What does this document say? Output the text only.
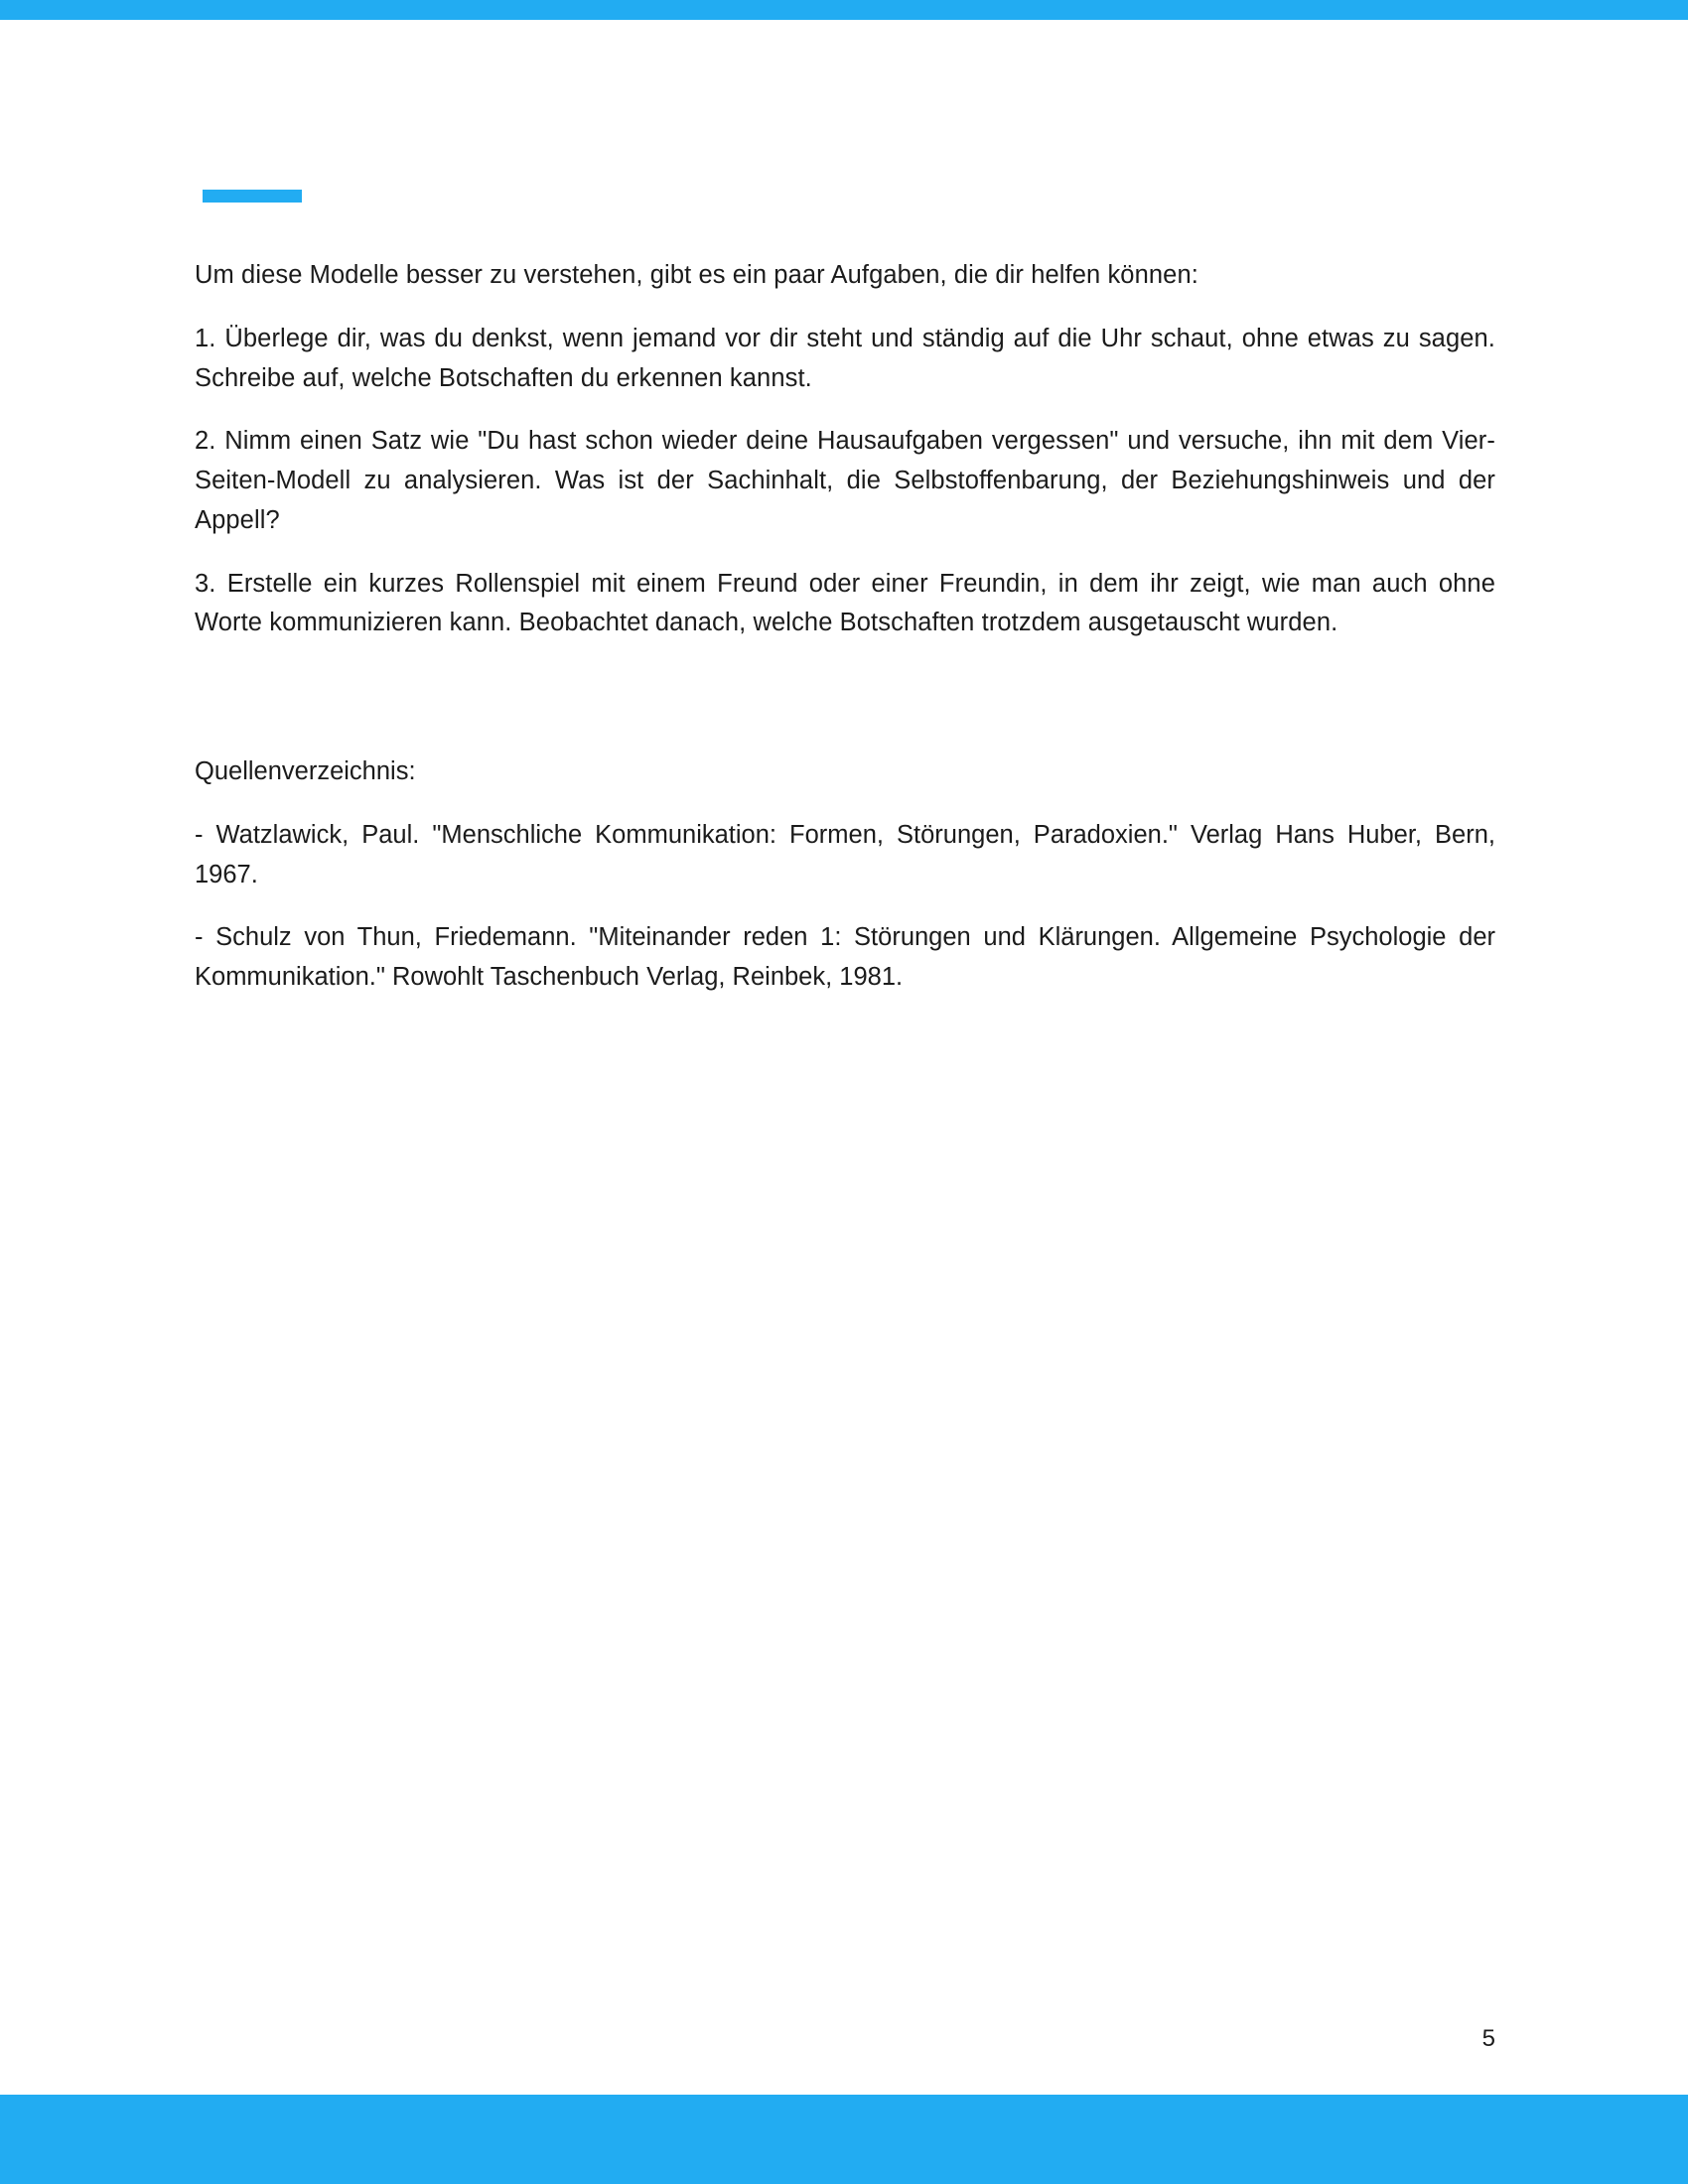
Um diese Modelle besser zu verstehen, gibt es ein paar Aufgaben, die dir helfen können:

1. Überlege dir, was du denkst, wenn jemand vor dir steht und ständig auf die Uhr schaut, ohne etwas zu sagen. Schreibe auf, welche Botschaften du erkennen kannst.

2. Nimm einen Satz wie "Du hast schon wieder deine Hausaufgaben vergessen" und versuche, ihn mit dem Vier-Seiten-Modell zu analysieren. Was ist der Sachinhalt, die Selbstoffenbarung, der Beziehungshinweis und der Appell?

3. Erstelle ein kurzes Rollenspiel mit einem Freund oder einer Freundin, in dem ihr zeigt, wie man auch ohne Worte kommunizieren kann. Beobachtet danach, welche Botschaften trotzdem ausgetauscht wurden.

Quellenverzeichnis:

- Watzlawick, Paul. "Menschliche Kommunikation: Formen, Störungen, Paradoxien." Verlag Hans Huber, Bern, 1967.

- Schulz von Thun, Friedemann. "Miteinander reden 1: Störungen und Klärungen. Allgemeine Psychologie der Kommunikation." Rowohlt Taschenbuch Verlag, Reinbek, 1981.

5
